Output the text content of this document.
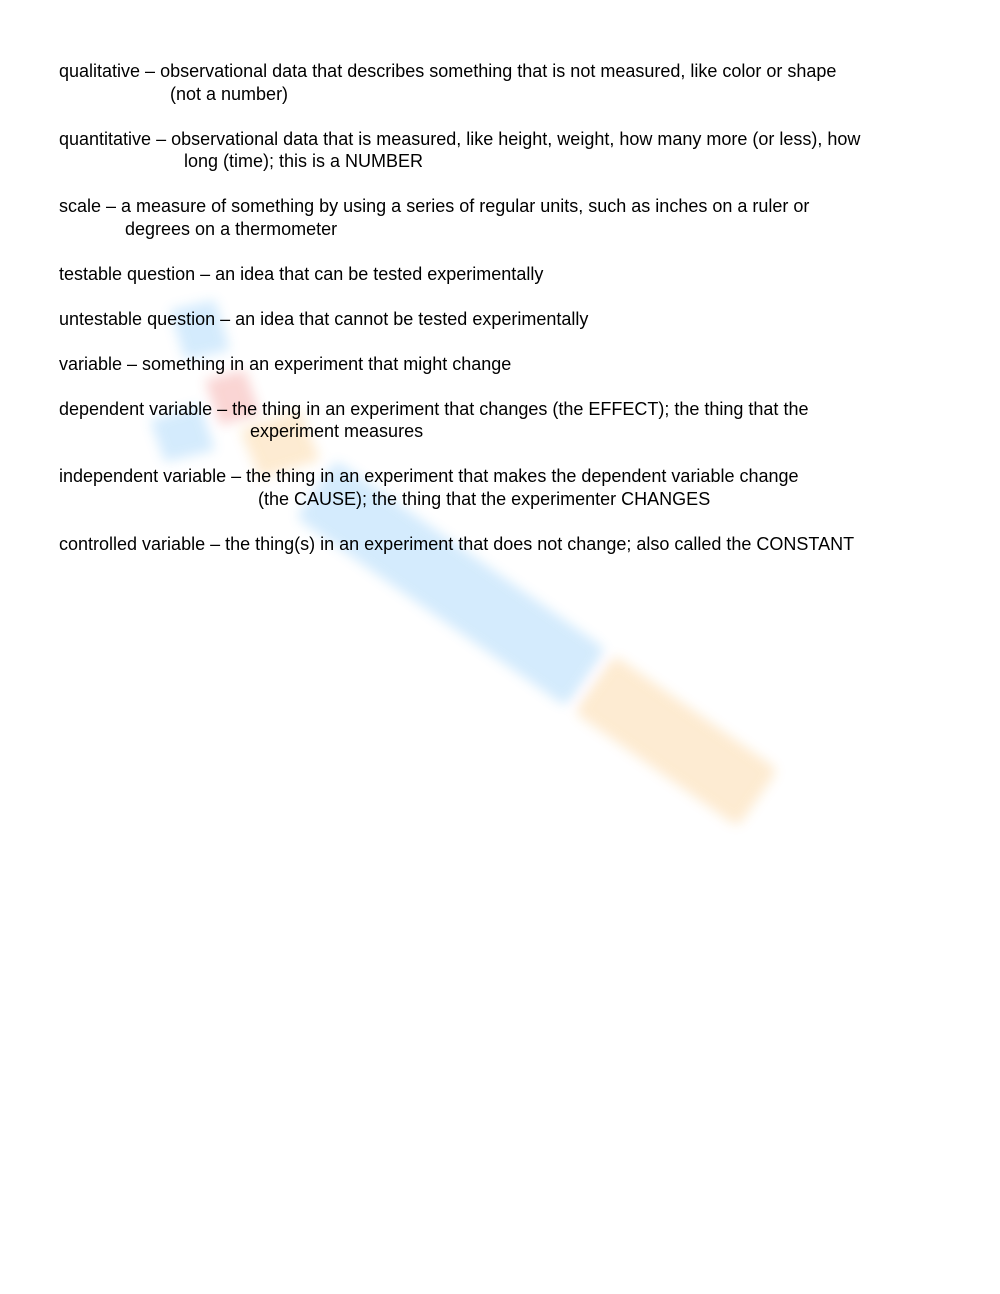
qualitative – observational data that describes something that is not measured, like color or shape
(not a number)
quantitative – observational data that is measured, like height, weight, how many more (or less), how
long (time); this is a NUMBER
scale – a measure of something by using a series of regular units, such as inches on a ruler or
degrees on a thermometer
testable question – an idea that can be tested experimentally
untestable question – an idea that cannot be tested experimentally
variable – something in an experiment that might change
dependent variable – the thing in an experiment that changes (the EFFECT); the thing that the
experiment measures
independent variable – the thing in an experiment that makes the dependent variable change
(the CAUSE); the thing that the experimenter CHANGES
controlled variable – the thing(s) in an experiment that does not change; also called the CONSTANT
